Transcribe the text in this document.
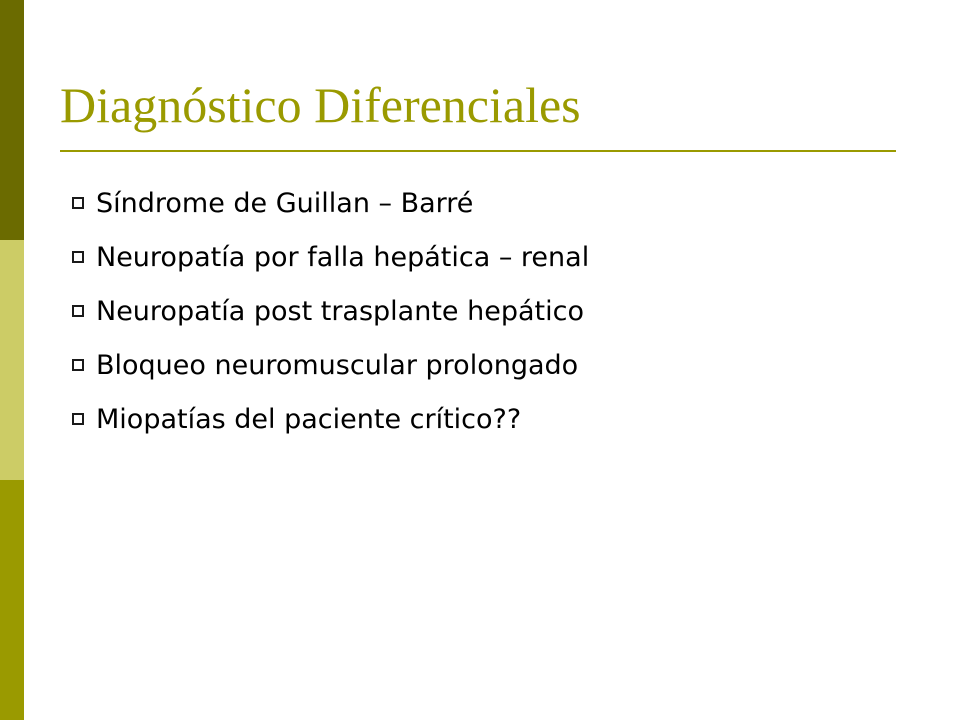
Diagnóstico Diferenciales
Síndrome de Guillan – Barré
Neuropatía por falla hepática – renal
Neuropatía post trasplante hepático
Bloqueo neuromuscular prolongado
Miopatías del paciente crítico??
